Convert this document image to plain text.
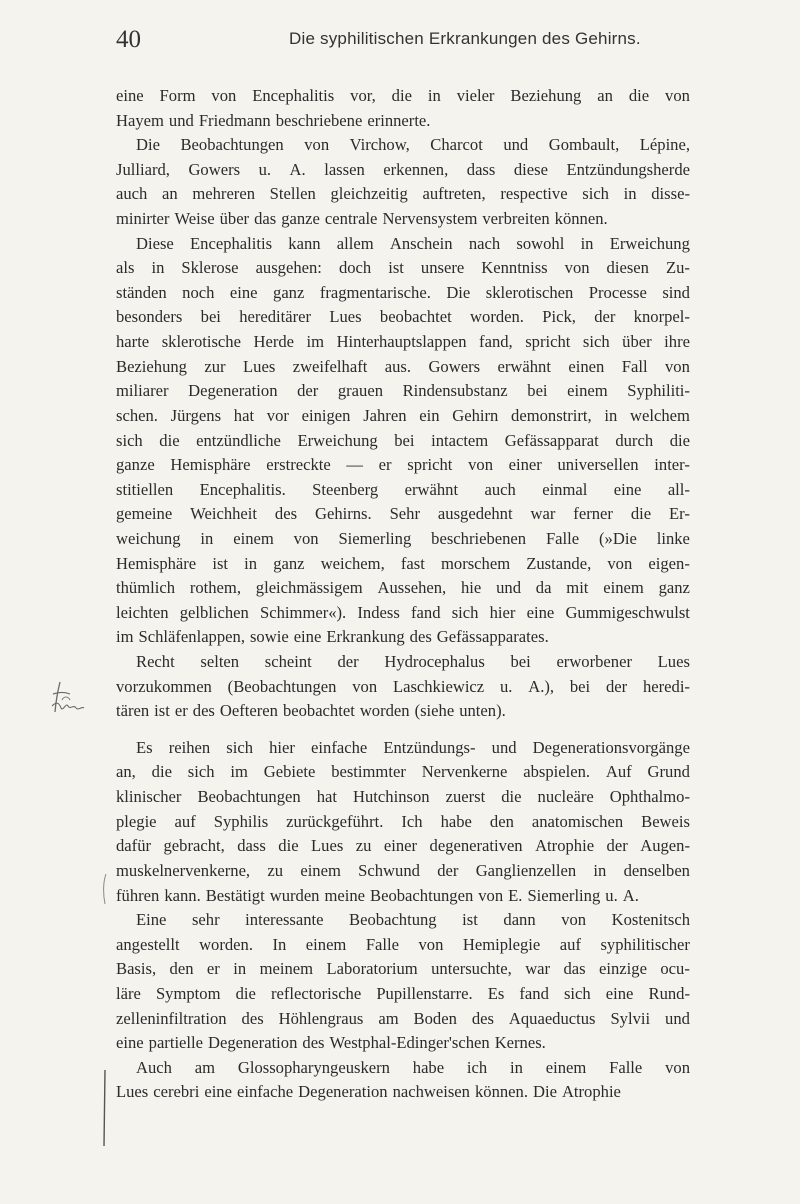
40	Die syphilitischen Erkrankungen des Gehirns.
eine Form von Encephalitis vor, die in vieler Beziehung an die von
Hayem und Friedmann beschriebene erinnerte.
Die Beobachtungen von Virchow, Charcot und Gombault, Lépine,
Julliard, Gowers u. A. lassen erkennen, dass diese Entzündungsherde
auch an mehreren Stellen gleichzeitig auftreten, respective sich in disse-
minirter Weise über das ganze centrale Nervensystem verbreiten können.
Diese Encephalitis kann allem Anschein nach sowohl in Erweichung
als in Sklerose ausgehen: doch ist unsere Kenntniss von diesen Zu-
ständen noch eine ganz fragmentarische. Die sklerotischen Processe sind
besonders bei hereditärer Lues beobachtet worden. Pick, der knorpel-
harte sklerotische Herde im Hinterhauptslappen fand, spricht sich über ihre
Beziehung zur Lues zweifelhaft aus. Gowers erwähnt einen Fall von
miliarer Degeneration der grauen Rindensubstanz bei einem Syphiliti-
schen. Jürgens hat vor einigen Jahren ein Gehirn demonstrirt, in welchem
sich die entzündliche Erweichung bei intactem Gefässapparat durch die
ganze Hemisphäre erstreckte — er spricht von einer universellen inter-
stitiellen Encephalitis. Steenberg erwähnt auch einmal eine all-
gemeine Weichheit des Gehirns. Sehr ausgedehnt war ferner die Er-
weichung in einem von Siemerling beschriebenen Falle (»Die linke
Hemisphäre ist in ganz weichem, fast morschem Zustande, von eigen-
thümlich rothem, gleichmässigem Aussehen, hie und da mit einem ganz
leichten gelblichen Schimmer«). Indess fand sich hier eine Gummigeschwulst
im Schläfenlappen, sowie eine Erkrankung des Gefässapparates.
Recht selten scheint der Hydrocephalus bei erworbener Lues
vorzukommen (Beobachtungen von Laschkiewicz u. A.), bei der heredi-
tären ist er des Oefteren beobachtet worden (siehe unten).
Es reihen sich hier einfache Entzündungs- und Degenerationsvorgänge
an, die sich im Gebiete bestimmter Nervenkerne abspielen. Auf Grund
klinischer Beobachtungen hat Hutchinson zuerst die nucleäre Ophthalmo-
plegie auf Syphilis zurückgeführt. Ich habe den anatomischen Beweis
dafür gebracht, dass die Lues zu einer degenerativen Atrophie der Augen-
muskelnervenkerne, zu einem Schwund der Ganglienzellen in denselben
führen kann. Bestätigt wurden meine Beobachtungen von E. Siemerling u. A.
Eine sehr interessante Beobachtung ist dann von Kostenitsch
angestellt worden. In einem Falle von Hemiplegie auf syphilitischer
Basis, den er in meinem Laboratorium untersuchte, war das einzige ocu-
läre Symptom die reflectorische Pupillenstarre. Es fand sich eine Rund-
zelleninfiltration des Höhlengraus am Boden des Aquaeductus Sylvii und
eine partielle Degeneration des Westphal-Edinger'schen Kernes.
Auch am Glossopharyngeuskern habe ich in einem Falle von
Lues cerebri eine einfache Degeneration nachweisen können. Die Atrophie
